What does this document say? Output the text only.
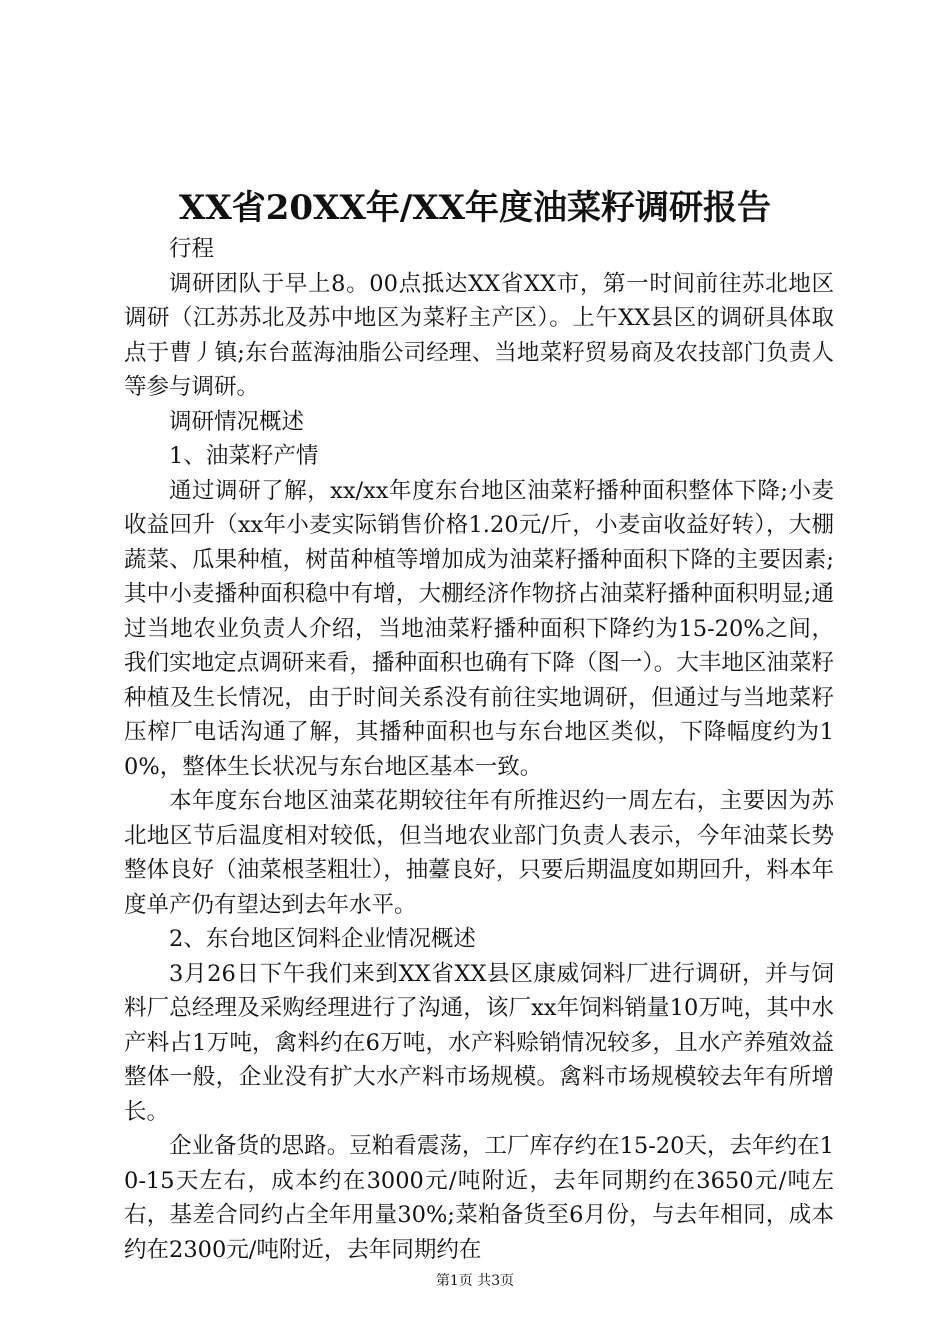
XX省20XX年/XX年度油菜籽调研报告

行程

调研团队于早上8。00点抵达XX省XX市，第一时间前往苏北地区调研（江苏苏北及苏中地区为菜籽主产区）。上午XX县区的调研具体取点于曹丿镇;东台蓝海油脂公司经理、当地菜籽贸易商及农技部门负责人等参与调研。

调研情况概述

1、油菜籽产情

通过调研了解，xx/xx年度东台地区油菜籽播种面积整体下降;小麦收益回升（xx年小麦实际销售价格1.20元/斤，小麦亩收益好转），大棚蔬菜、瓜果种植，树苗种植等增加成为油菜籽播种面积下降的主要因素;其中小麦播种面积稳中有增，大棚经济作物挤占油菜籽播种面积明显;通过当地农业负责人介绍，当地油菜籽播种面积下降约为15-20%之间，我们实地定点调研来看，播种面积也确有下降（图一）。大丰地区油菜籽种植及生长情况，由于时间关系没有前往实地调研，但通过与当地菜籽压榨厂电话沟通了解，其播种面积也与东台地区类似，下降幅度约为10%，整体生长状况与东台地区基本一致。

本年度东台地区油菜花期较往年有所推迟约一周左右，主要因为苏北地区节后温度相对较低，但当地农业部门负责人表示，今年油菜长势整体良好（油菜根茎粗壮），抽薹良好，只要后期温度如期回升，料本年度单产仍有望达到去年水平。

2、东台地区饲料企业情况概述

3月26日下午我们来到XX省XX县区康威饲料厂进行调研，并与饲料厂总经理及采购经理进行了沟通，该厂xx年饲料销量10万吨，其中水产料占1万吨，禽料约在6万吨，水产料赊销情况较多，且水产养殖效益整体一般，企业没有扩大水产料市场规模。禽料市场规模较去年有所增长。

企业备货的思路。豆粕看震荡，工厂库存约在15-20天，去年约在10-15天左右，成本约在3000元/吨附近，去年同期约在3650元/吨左右，基差合同约占全年用量30%;菜粕备货至6月份，与去年相同，成本约在2300元/吨附近，去年同期约在

第1页 共3页
